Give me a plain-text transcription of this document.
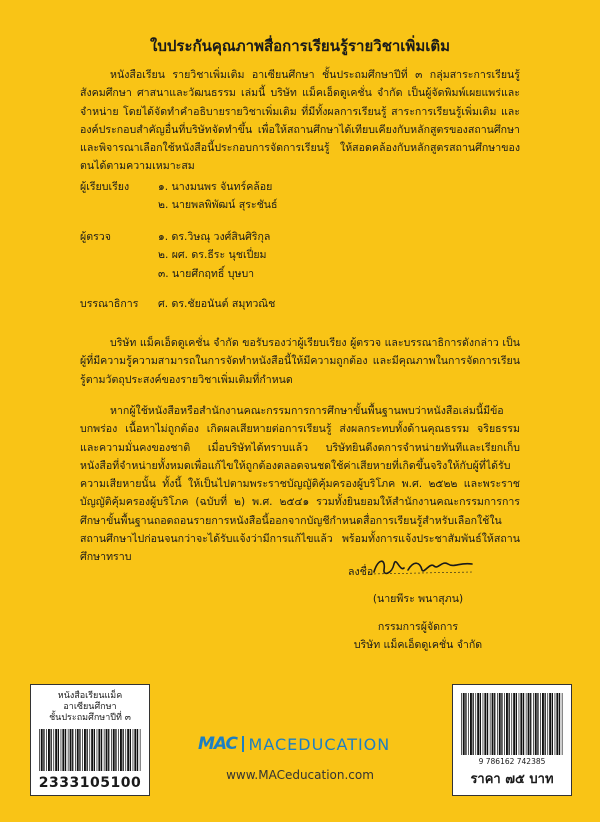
ใบประกันคุณภาพสื่อการเรียนรู้รายวิชาเพิ่มเติม
หนังสือเรียน รายวิชาเพิ่มเติม อาเซียนศึกษา ชั้นประถมศึกษาปีที่ ๓ กลุ่มสาระการเรียนรู้สังคมศึกษา ศาสนาและวัฒนธรรม เล่มนี้ บริษัท แม็คเอ็ดดูเคชั่น จำกัด เป็นผู้จัดพิมพ์เผยแพร่และจำหน่าย โดยได้จัดทำคำอธิบายรายวิชาเพิ่มเติม ที่มีทั้งผลการเรียนรู้ สาระการเรียนรู้เพิ่มเติม และองค์ประกอบสำคัญอื่นที่บริษัทจัดทำขึ้น เพื่อให้สถานศึกษาได้เทียบเคียงกับหลักสูตรของสถานศึกษาและพิจารณาเลือกใช้หนังสือนี้ประกอบการจัดการเรียนรู้ ให้สอดคล้องกับหลักสูตรสถานศึกษาของตนได้ตามความเหมาะสม
ผู้เรียบเรียง	๑. นางมนพร จันทร์คล้อย
๒. นายพลพิพัฒน์ สุระชันธ์
ผู้ตรวจ	๑. ดร.วิษณุ วงศ์สินศิริกุล
๒. ผศ. ดร.ธีระ นุชเปี่ยม
๓. นายศึกฤทธิ์ บุษบา
บรรณาธิการ ศ. ดร.ชัยอนันต์ สมุทวณิช
บริษัท แม็คเอ็ดดูเคชั่น จำกัด ขอรับรองว่าผู้เรียบเรียง ผู้ตรวจ และบรรณาธิการดังกล่าว เป็นผู้ที่มีความรู้ความสามารถในการจัดทำหนังสือนี้ให้มีความถูกต้อง และมีคุณภาพในการจัดการเรียนรู้ตามวัตถุประสงค์ของรายวิชาเพิ่มเติมที่กำหนด
หากผู้ใช้หนังสือหรือสำนักงานคณะกรรมการการศึกษาขั้นพื้นฐานพบว่าหนังสือเล่มนี้มีข้อบกพร่อง เนื้อหาไม่ถูกต้อง เกิดผลเสียหายต่อการเรียนรู้ ส่งผลกระทบทั้งด้านคุณธรรม จริยธรรม และความมั่นคงของชาติ เมื่อบริษัทได้ทราบแล้ว บริษัทยินดีงดการจำหน่ายทันทีและเรียกเก็บหนังสือที่จำหน่ายทั้งหมดเพื่อแก้ไขให้ถูกต้องตลอดจนชดใช้ค่าเสียหายที่เกิดขึ้นจริงให้กับผู้ที่ได้รับความเสียหายนั้น ทั้งนี้ ให้เป็นไปตามพระราชบัญญัติคุ้มครองผู้บริโภค พ.ศ. ๒๕๒๒ และพระราชบัญญัติคุ้มครองผู้บริโภค (ฉบับที่ ๒) พ.ศ. ๒๕๔๑ รวมทั้งยินยอมให้สำนักงานคณะกรรมการการศึกษาขั้นพื้นฐานถอดถอนรายการหนังสือนี้ออกจากบัญชีกำหนดสื่อการเรียนรู้สำหรับเลือกใช้ในสถานศึกษาไปก่อนจนกว่าจะได้รับแจ้งว่ามีการแก้ไขแล้ว พร้อมทั้งการแจ้งประชาสัมพันธ์ให้สถานศึกษาทราบ
ลงชื่อ
(นายพีระ พนาสุภน)
กรรมการผู้จัดการ
บริษัท แม็คเอ็ดดูเคชั่น จำกัด
หนังสือเรียนแม็ค
อาเซียนศึกษา
ชั้นประถมศึกษาปีที่ ๓
2333105100
MAC MACEDUCATION
www.MACeducation.com
9 786162 742385
ราคา ๗๕ บาท
